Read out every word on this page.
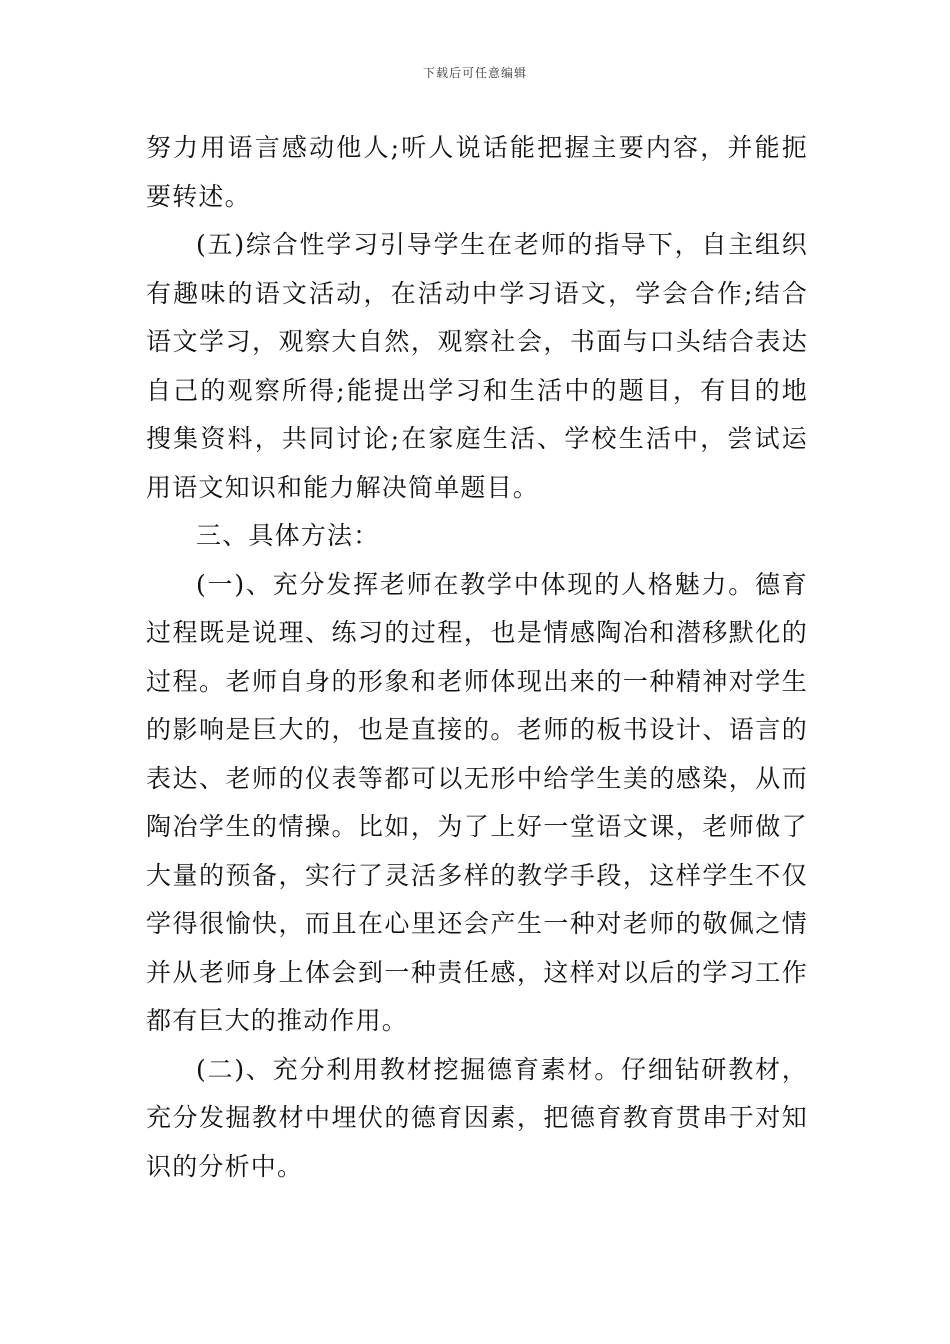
下载后可任意编辑

努力用语言感动他人;听人说话能把握主要内容，并能扼要转述。

(五)综合性学习引导学生在老师的指导下，自主组织有趣味的语文活动，在活动中学习语文，学会合作;结合语文学习，观察大自然，观察社会，书面与口头结合表达自己的观察所得;能提出学习和生活中的题目，有目的地搜集资料，共同讨论;在家庭生活、学校生活中，尝试运用语文知识和能力解决简单题目。

三、具体方法：

(一)、充分发挥老师在教学中体现的人格魅力。德育过程既是说理、练习的过程，也是情感陶冶和潜移默化的过程。老师自身的形象和老师体现出来的一种精神对学生的影响是巨大的，也是直接的。老师的板书设计、语言的表达、老师的仪表等都可以无形中给学生美的感染，从而陶冶学生的情操。比如，为了上好一堂语文课，老师做了大量的预备，实行了灵活多样的教学手段，这样学生不仅学得很愉快，而且在心里还会产生一种对老师的敬佩之情并从老师身上体会到一种责任感，这样对以后的学习工作都有巨大的推动作用。

(二)、充分利用教材挖掘德育素材。仔细钻研教材，充分发掘教材中埋伏的德育因素，把德育教育贯串于对知识的分析中。
